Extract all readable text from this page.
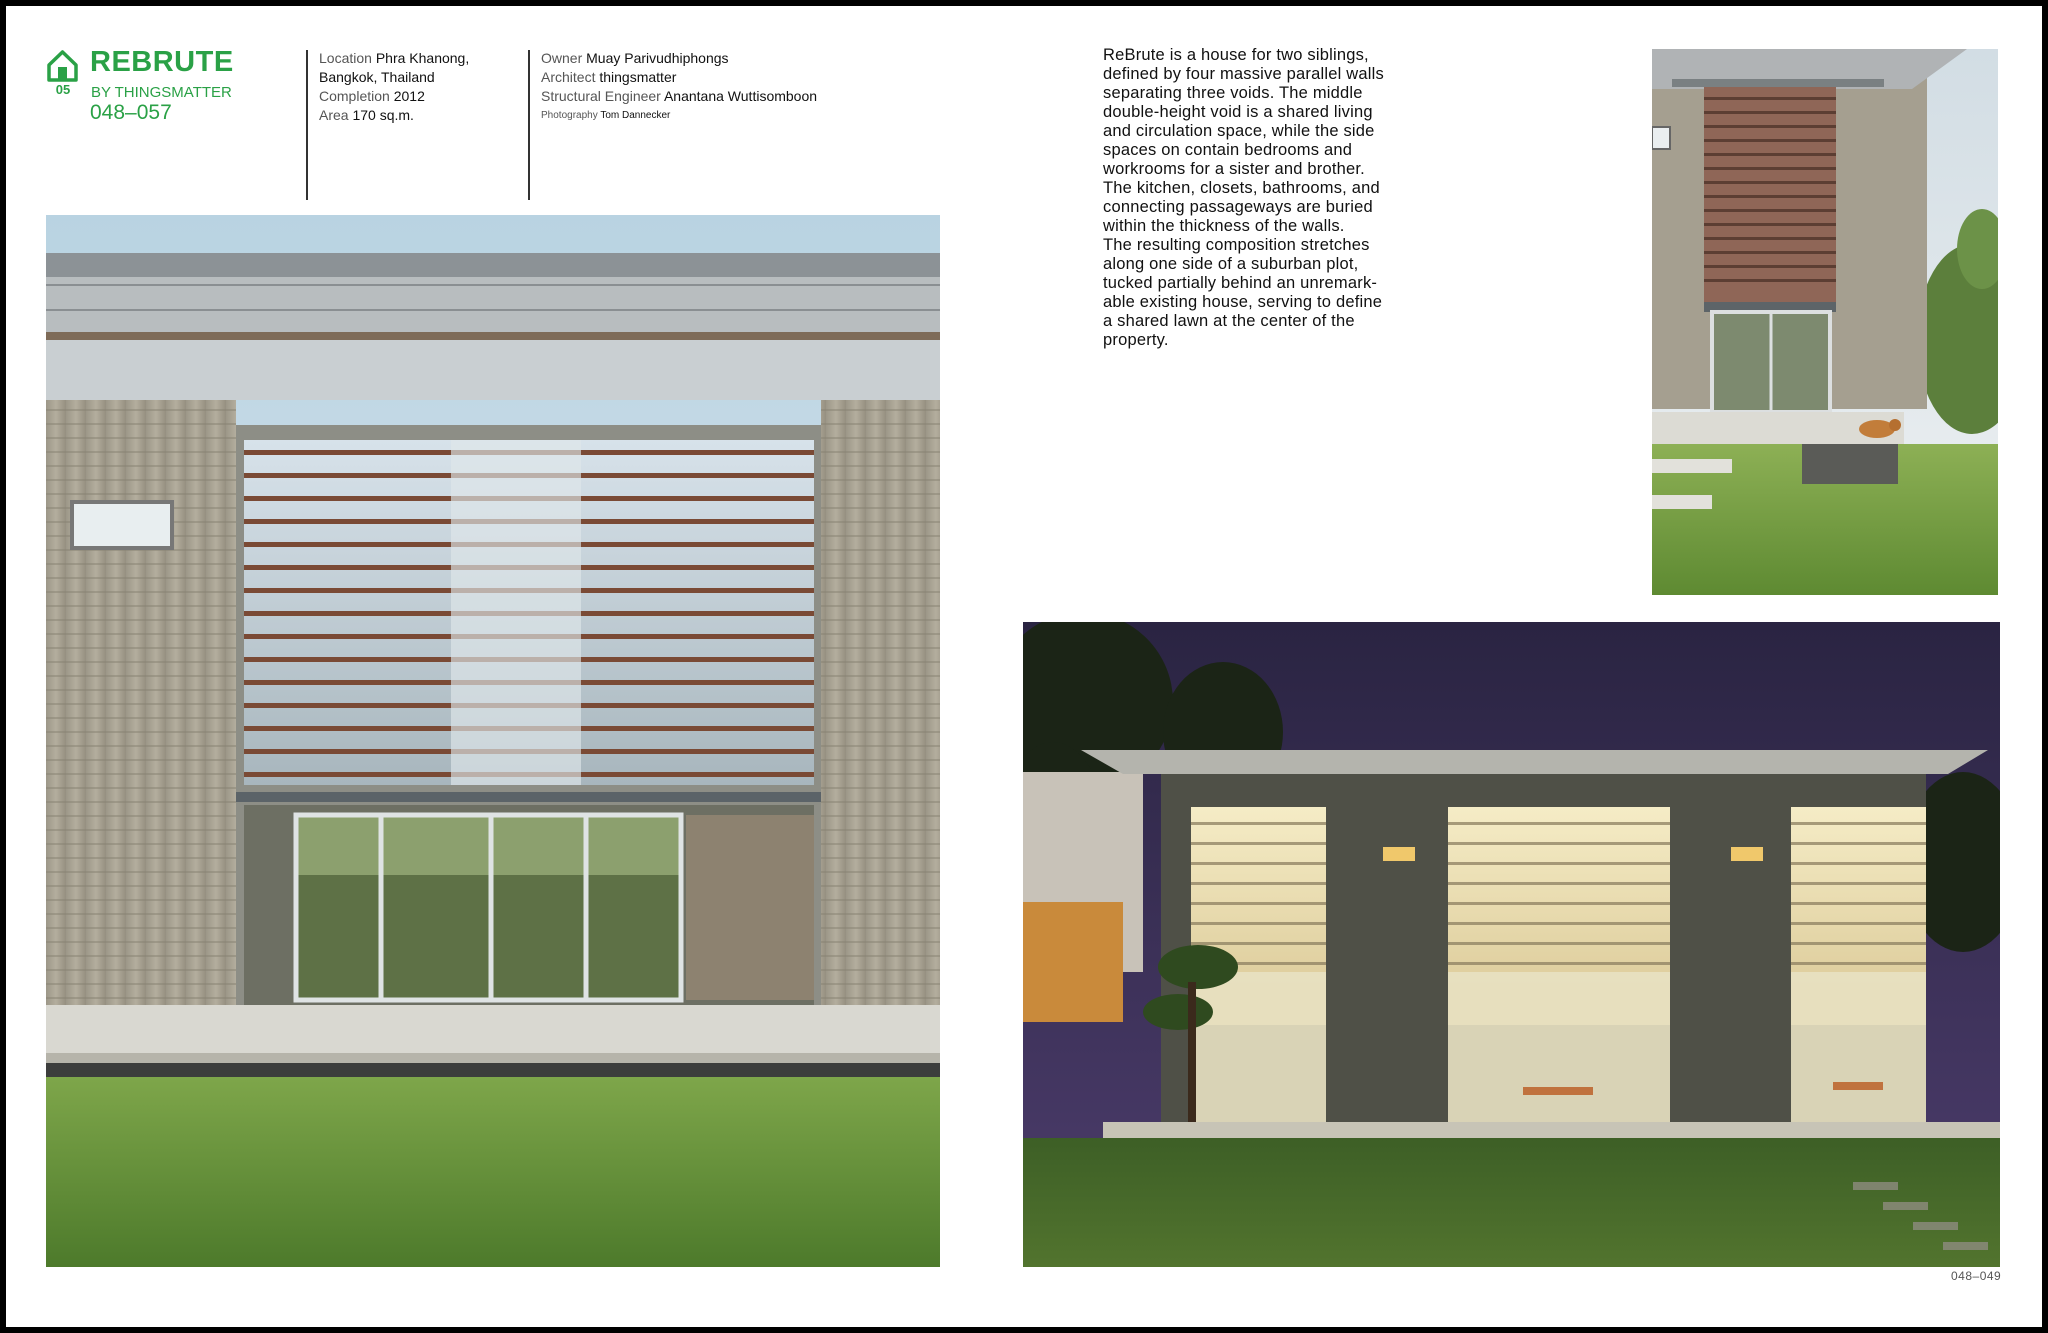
05
REBRUTE
BY THINGSMATTER
048–057
Location Phra Khanong,
Bangkok, Thailand
Completion 2012
Area 170 sq.m.
Owner Muay Parivudhiphongs
Architect thingsmatter
Structural Engineer Anantana Wuttisomboon
Photography Tom Dannecker

ReBrute is a house for two siblings,

defined by four massive parallel walls

separating three voids. The middle

double-height void is a shared living

and circulation space, while the side

spaces on contain bedrooms and

workrooms for a sister and brother.

The kitchen, closets, bathrooms, and

connecting passageways are buried

within the thickness of the walls.

The resulting composition stretches

along one side of a suburban plot,

tucked partially behind an unremark-

able existing house, serving to define

a shared lawn at the center of the

property.

048–049
